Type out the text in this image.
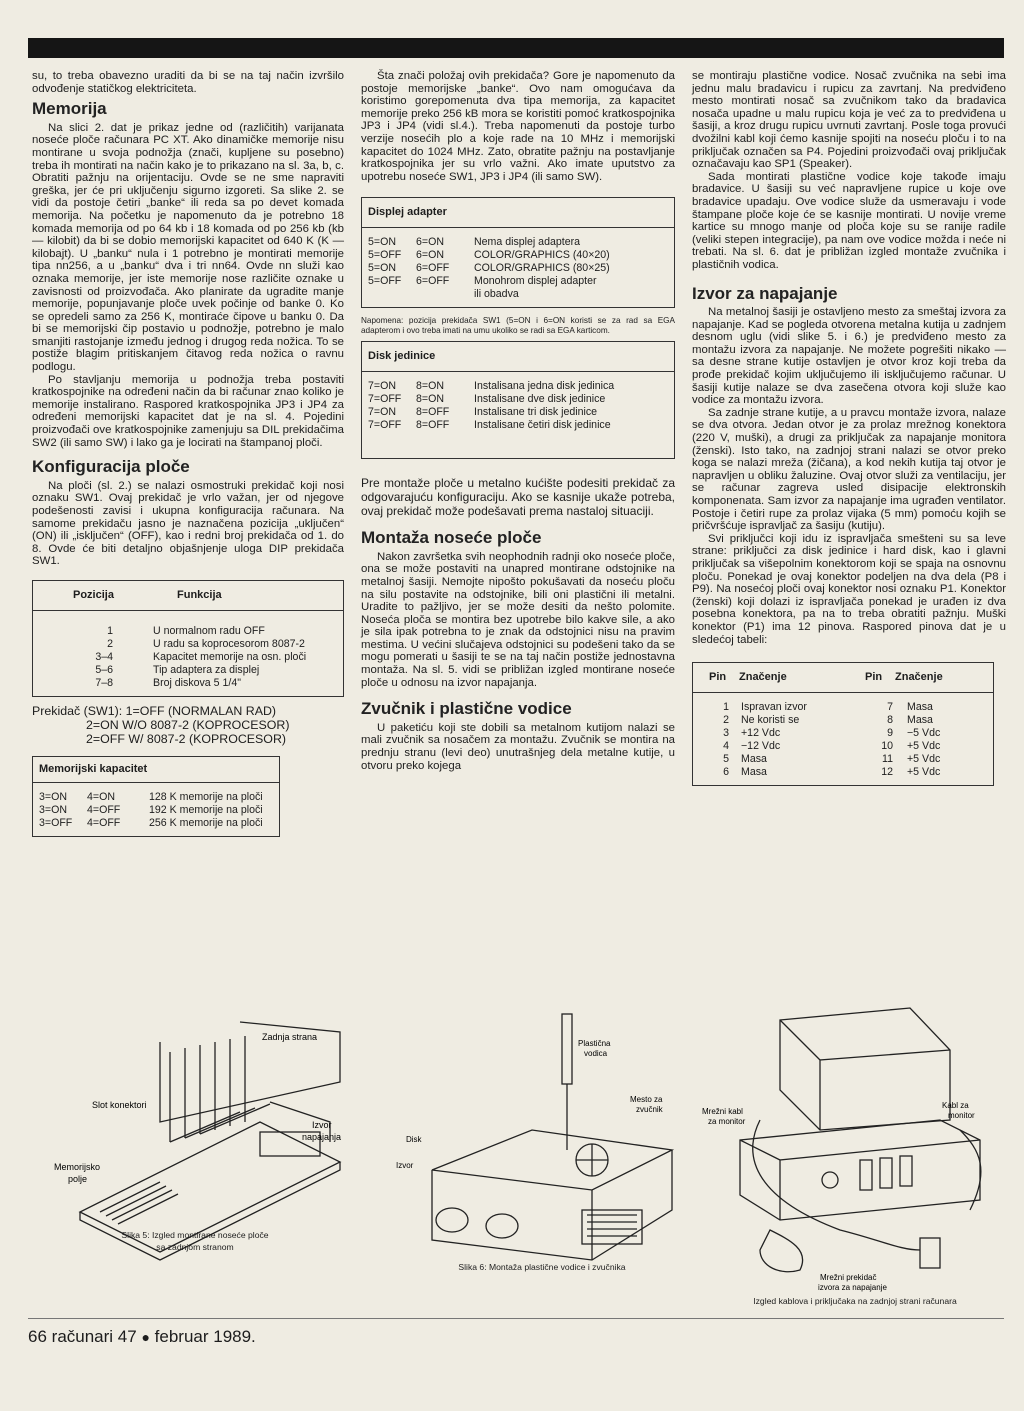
su, to treba obavezno uraditi da bi se na taj način izvršilo odvođenje statičkog elektriciteta.

Memorija

Na slici 2. dat je prikaz jedne od (različitih) varijanata noseće ploče računara PC XT. Ako dinamičke memorije nisu montirane u svoja podnožja (znači, kupljene su posebno) treba ih montirati na način kako je to prikazano na sl. 3a, b, c. Obratiti pažnju na orijentaciju. Ovde se ne sme napraviti greška, jer će pri uključenju sigurno izgoreti. Sa slike 2. se vidi da postoje četiri „banke“ ili reda sa po devet komada memorija. Na početku je napomenuto da je potrebno 18 komada memorija od po 64 kb i 18 komada od po 256 kb (kb — kilobit) da bi se dobio memorijski kapacitet od 640 K (K — kilobajt). U „banku“ nula i 1 potrebno je montirati memorije tipa nn256, a u „banku“ dva i tri nn64. Ovde nn služi kao oznaka memorije, jer iste memorije nose različite oznake u zavisnosti od proizvođača. Ako planirate da ugradite manje memorije, popunjavanje ploče uvek počinje od banke 0. Ko se opredeli samo za 256 K, montiraće čipove u banku 0. Da bi se memorijski čip postavio u podnožje, potrebno je malo smanjiti rastojanje između jednog i drugog reda nožica. To se postiže blagim pritiskanjem čitavog reda nožica o ravnu podlogu.

Po stavljanju memorija u podnožja treba postaviti kratkospojnike na određeni način da bi računar znao koliko je memorije instalirano. Raspored kratkospojnika JP3 i JP4 za određeni memorijski kapacitet dat je na sl. 4. Pojedini proizvođači ove kratkospojnike zamenjuju sa DIL prekidačima SW2 (ili samo SW) i lako ga je locirati na štampanoj ploči.

Konfiguracija ploče

Na ploči (sl. 2.) se nalazi osmostruki prekidač koji nosi oznaku SW1. Ovaj prekidač je vrlo važan, jer od njegove podešenosti zavisi i ukupna konfiguracija računara. Na samome prekidaču jasno je naznačena pozicija „uključen“ (ON) ili „isključen“ (OFF), kao i redni broj prekidača od 1. do 8. Ovde će biti detaljno objašnjenje uloga DIP prekidača SW1.

Pozicija	Funkcija
1	U normalnom radu OFF
2	U radu sa koprocesorom 8087-2
3–4	Kapacitet memorije na osn. ploči
5–6	Tip adaptera za displej
7–8	Broj diskova 5 1/4"
Prekidač (SW1): 1=OFF (NORMALAN RAD)
2=ON W/O 8087-2 (KOPROCESOR)
2=OFF W/ 8087-2 (KOPROCESOR)
Memorijski kapacitet
3=ON	4=ON	128 K memorije na ploči
3=ON	4=OFF	192 K memorije na ploči
3=OFF	4=OFF	256 K memorije na ploči

Šta znači položaj ovih prekidača? Gore je napomenuto da postoje memorijske „banke“. Ovo nam omogućava da koristimo gorepomenuta dva tipa memorija, za kapacitet memorije preko 256 kB mora se koristiti pomoć kratkospojnika JP3 i JP4 (vidi sl.4.). Treba napomenuti da postoje turbo verzije nosećih plo a koje rade na 10 MHz i memorijski kapacitet do 1024 MHz. Zato, obratite pažnju na postavljanje kratkospojnika jer su vrlo važni. Ako imate uputstvo za upotrebu noseće SW1, JP3 i JP4 (ili samo SW).

Displej adapter
5=ON	6=ON	Nema displej adaptera
5=OFF	6=ON	COLOR/GRAPHICS (40×20)
5=ON	6=OFF	COLOR/GRAPHICS (80×25)
5=OFF	6=OFF	Monohrom displej adapter
ili obadva

Napomena: pozicija prekidača SW1 (5=ON i 6=ON koristi se za rad sa EGA adapterom i ovo treba imati na umu ukoliko se radi sa EGA karticom.

Disk jedinice
7=ON	8=ON	Instalisana jedna disk jedinica
7=OFF	8=ON	Instalisane dve disk jedinice
7=ON	8=OFF	Instalisane tri disk jedinice
7=OFF	8=OFF	Instalisane četiri disk jedinice

Pre montaže ploče u metalno kućište podesiti prekidač za odgovarajuću konfiguraciju. Ako se kasnije ukaže potreba, ovaj prekidač može podešavati prema nastaloj situaciji.

Montaža noseće ploče

Nakon završetka svih neophodnih radnji oko noseće ploče, ona se može postaviti na unapred montirane odstojnike na metalnoj šasiji. Nemojte nipošto pokušavati da noseću ploču na silu postavite na odstojnike, bili oni plastični ili metalni. Uradite to pažljivo, jer se može desiti da nešto polomite. Noseća ploča se montira bez upotrebe bilo kakve sile, a ako je sila ipak potrebna to je znak da odstojnici nisu na pravim mestima. U većini slučajeva odstojnici su podešeni tako da se mogu pomerati u šasiji te se na taj način postiže jednostavna montaža. Na sl. 5. vidi se približan izgled montirane noseće ploče u odnosu na izvor napajanja.

Zvučnik i plastične vodice

U paketiću koji ste dobili sa metalnom kutijom nalazi se mali zvučnik sa nosačem za montažu. Zvučnik se montira na prednju stranu (levi deo) unutrašnjeg dela metalne kutije, u otvoru preko kojega

se montiraju plastične vodice. Nosač zvučnika na sebi ima jednu malu bradavicu i rupicu za zavrtanj. Na predviđeno mesto montirati nosač sa zvučnikom tako da bradavica nosača upadne u malu rupicu koja je već za to predviđena u šasiji, a kroz drugu rupicu uvrnuti zavrtanj. Posle toga provući dvožilni kabl koji ćemo kasnije spojiti na noseću ploču i to na priključak označen sa P4. Pojedini proizvođači ovaj priključak označavaju kao SP1 (Speaker).

Sada montirati plastične vodice koje takođe imaju bradavice. U šasiji su već napravljene rupice u koje ove bradavice upadaju. Ove vodice služe da usmeravaju i vode štampane ploče koje će se kasnije montirati. U novije vreme kartice su mnogo manje od ploča koje su se ranije radile (veliki stepen integracije), pa nam ove vodice možda i neće ni trebati. Na sl. 6. dat je približan izgled montaže zvučnika i plastičnih vodica.

Izvor za napajanje

Na metalnoj šasiji je ostavljeno mesto za smeštaj izvora za napajanje. Kad se pogleda otvorena metalna kutija u zadnjem desnom uglu (vidi slike 5. i 6.) je predviđeno mesto za montažu izvora za napajanje. Ne možete pogrešiti nikako — sa desne strane kutije ostavljen je otvor kroz koji treba da prođe prekidač kojim uključujemo ili isključujemo računar. U šasiji kutije nalaze se dva zasečena otvora koji služe kao vodice za montažu izvora.

Sa zadnje strane kutije, a u pravcu montaže izvora, nalaze se dva otvora. Jedan otvor je za prolaz mrežnog konektora (220 V, muški), a drugi za priključak za napajanje monitora (ženski). Isto tako, na zadnjoj strani nalazi se otvor preko koga se nalazi mreža (žičana), a kod nekih kutija taj otvor je napravljen u obliku žaluzine. Ovaj otvor služi za ventilaciju, jer se računar zagreva usled disipacije elektronskih komponenata. Sam izvor za napajanje ima ugrađen ventilator. Postoje i četiri rupe za prolaz vijaka (5 mm) pomoću kojih se pričvršćuje ispravljač za šasiju (kutiju).

Svi priključci koji idu iz ispravljača smešteni su sa leve strane: priključci za disk jedinice i hard disk, kao i glavni priključak sa višepolnim konektorom koji se spaja na osnovnu ploču. Ponekad je ovaj konektor podeljen na dva dela (P8 i P9). Na nosećoj ploči ovaj konektor nosi oznaku P1. Konektor (ženski) koji dolazi iz ispravljača ponekad je urađen iz dva posebna konektora, pa na to treba obratiti pažnju. Muški konektor (P1) ima 12 pinova. Raspored pinova dat je u sledećoj tabeli:

Pin	Značenje	Pin	Značenje
1	Ispravan izvor	7	Masa
2	Ne koristi se	8	Masa
3	+12 Vdc	9	−5 Vdc
4	−12 Vdc	10	+5 Vdc
5	Masa	11	+5 Vdc
6	Masa	12	+5 Vdc
Zadnja strana
Slot konektori
Izvor
napajanja
Memorijsko
polje
Slika 5: Izgled montirane noseće ploče
sa zadnjom stranom
Plastična
vodica
Mesto za
zvučnik
Disk
Izvor
Slika 6: Montaža plastične vodice i zvučnika
Mrežni kabl
za monitor
Kabl za
monitor
Mrežni prekidač
izvora za napajanje
Izgled kablova i priključaka na zadnjoj strani računara
66 računari 47 ● februar 1989.
